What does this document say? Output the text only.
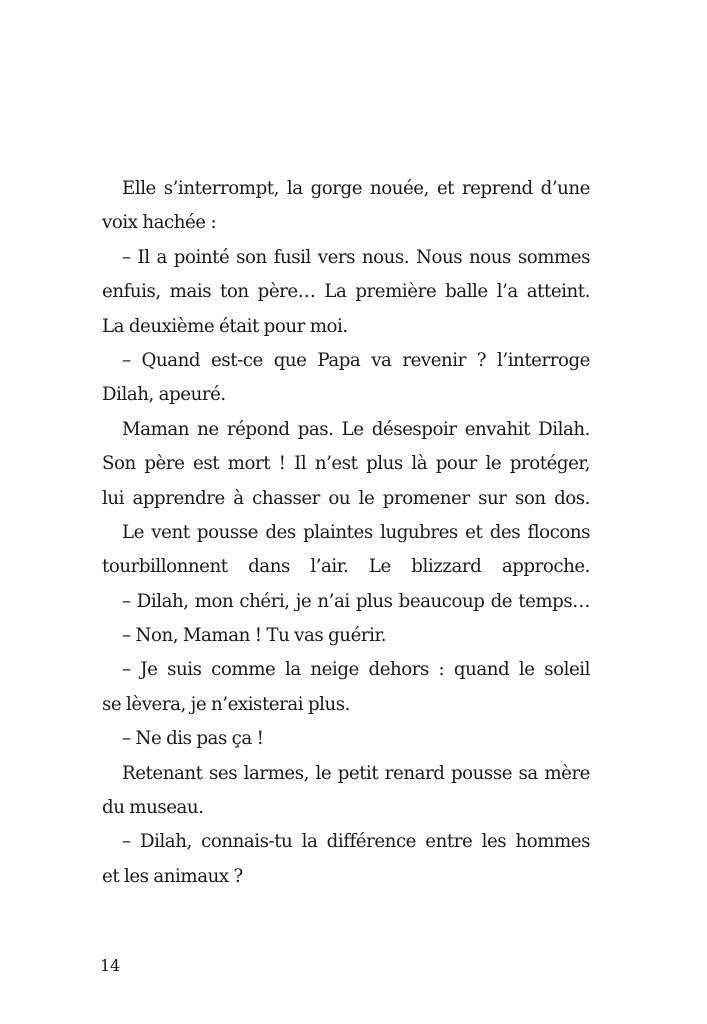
Elle s’interrompt, la gorge nouée, et reprend d’une
voix hachée :
– Il a pointé son fusil vers nous. Nous nous sommes
enfuis, mais ton père… La première balle l’a atteint.
La deuxième était pour moi.
– Quand est-ce que Papa va revenir ? l’interroge
Dilah, apeuré.
Maman ne répond pas. Le désespoir envahit Dilah.
Son père est mort ! Il n’est plus là pour le protéger,
lui apprendre à chasser ou le promener sur son dos.
Le vent pousse des plaintes lugubres et des flocons
tourbillonnent dans l’air. Le blizzard approche.
– Dilah, mon chéri, je n’ai plus beaucoup de temps…
– Non, Maman ! Tu vas guérir.
– Je suis comme la neige dehors : quand le soleil
se lèvera, je n’existerai plus.
– Ne dis pas ça !
Retenant ses larmes, le petit renard pousse sa mère
du museau.
– Dilah, connais-tu la différence entre les hommes
et les animaux ?
14
